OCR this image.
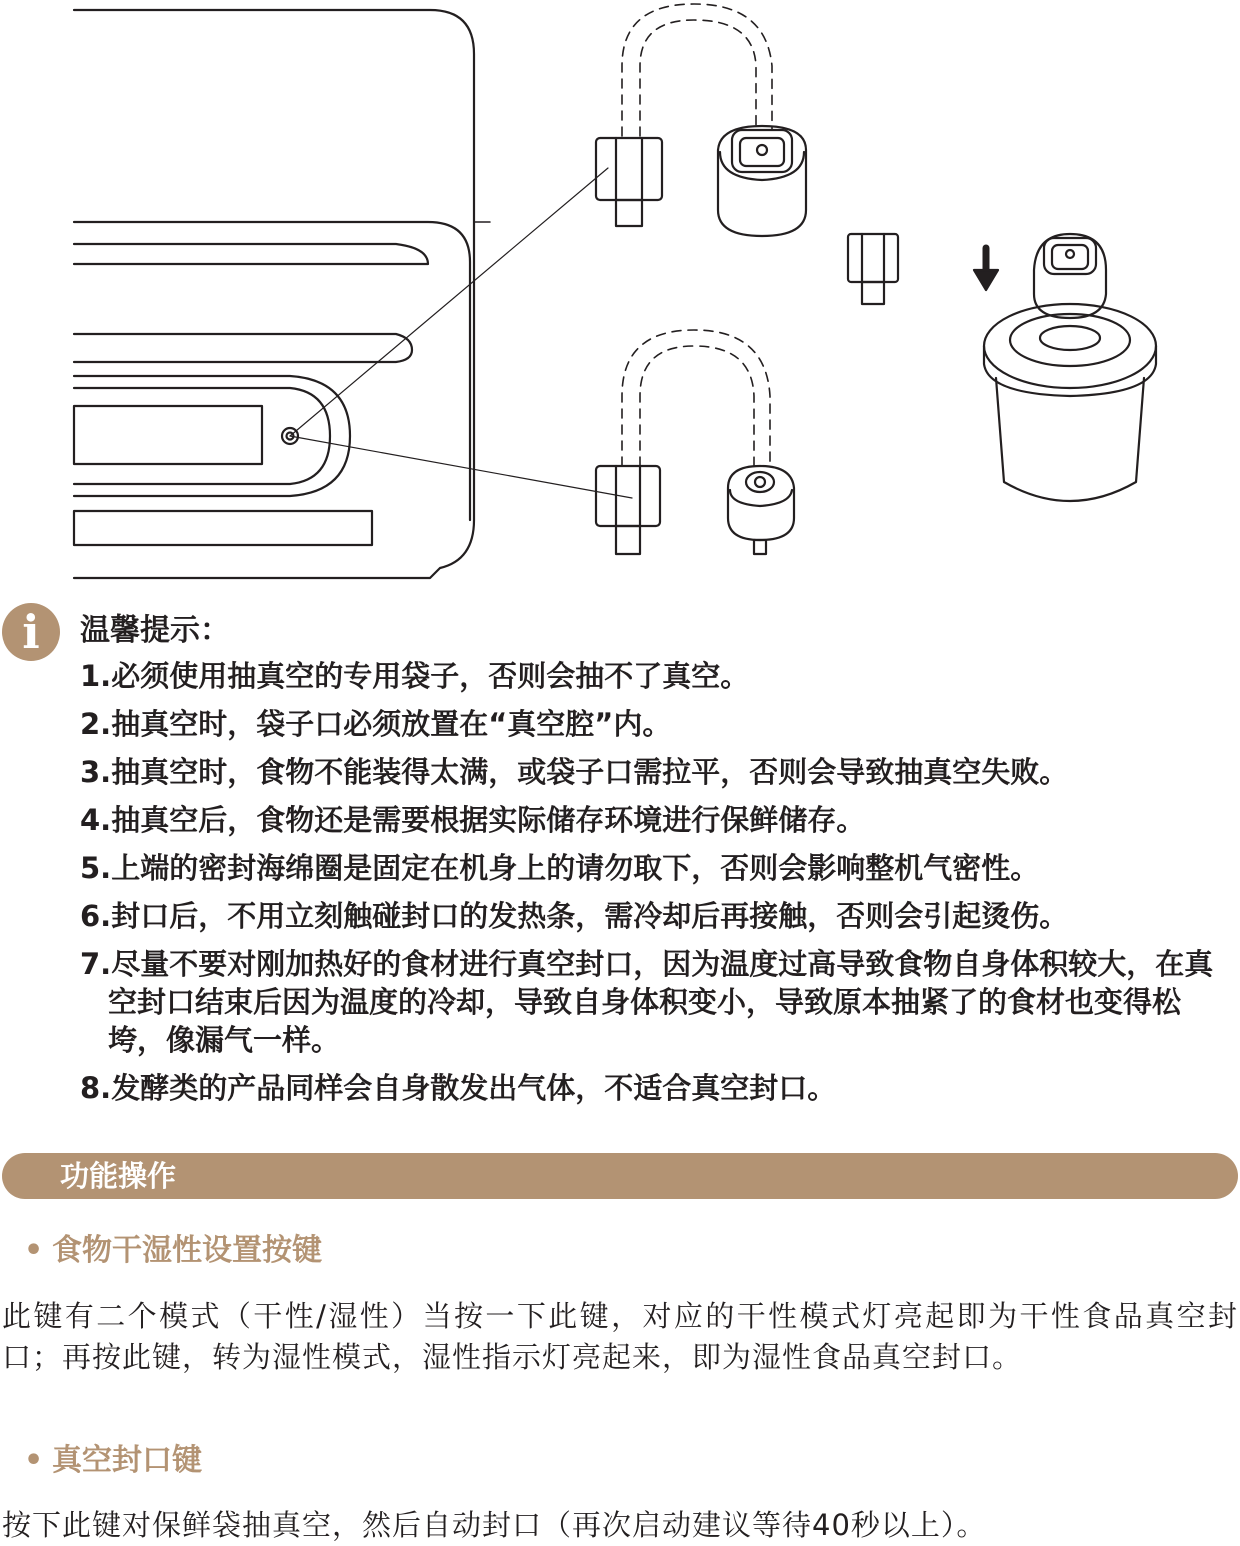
i	温馨提示：
1.必须使用抽真空的专用袋子，否则会抽不了真空。
2.抽真空时，袋子口必须放置在“真空腔”内。
3.抽真空时，食物不能装得太满，或袋子口需拉平，否则会导致抽真空失败。
4.抽真空后，食物还是需要根据实际储存环境进行保鲜储存。
5.上端的密封海绵圈是固定在机身上的请勿取下，否则会影响整机气密性。
6.封口后，不用立刻触碰封口的发热条，需冷却后再接触，否则会引起烫伤。
7.尽量不要对刚加热好的食材进行真空封口，因为温度过高导致食物自身体积较大，在真空封口结束后因为温度的冷却，导致自身体积变小，导致原本抽紧了的食材也变得松垮，像漏气一样。
8.发酵类的产品同样会自身散发出气体，不适合真空封口。
功能操作
• 食物干湿性设置按键

此键有二个模式（干性/湿性）当按一下此键，对应的干性模式灯亮起即为干性食品真空封口；再按此键，转为湿性模式，湿性指示灯亮起来，即为湿性食品真空封口。

• 真空封口键

按下此键对保鲜袋抽真空，然后自动封口（再次启动建议等待40秒以上）。
